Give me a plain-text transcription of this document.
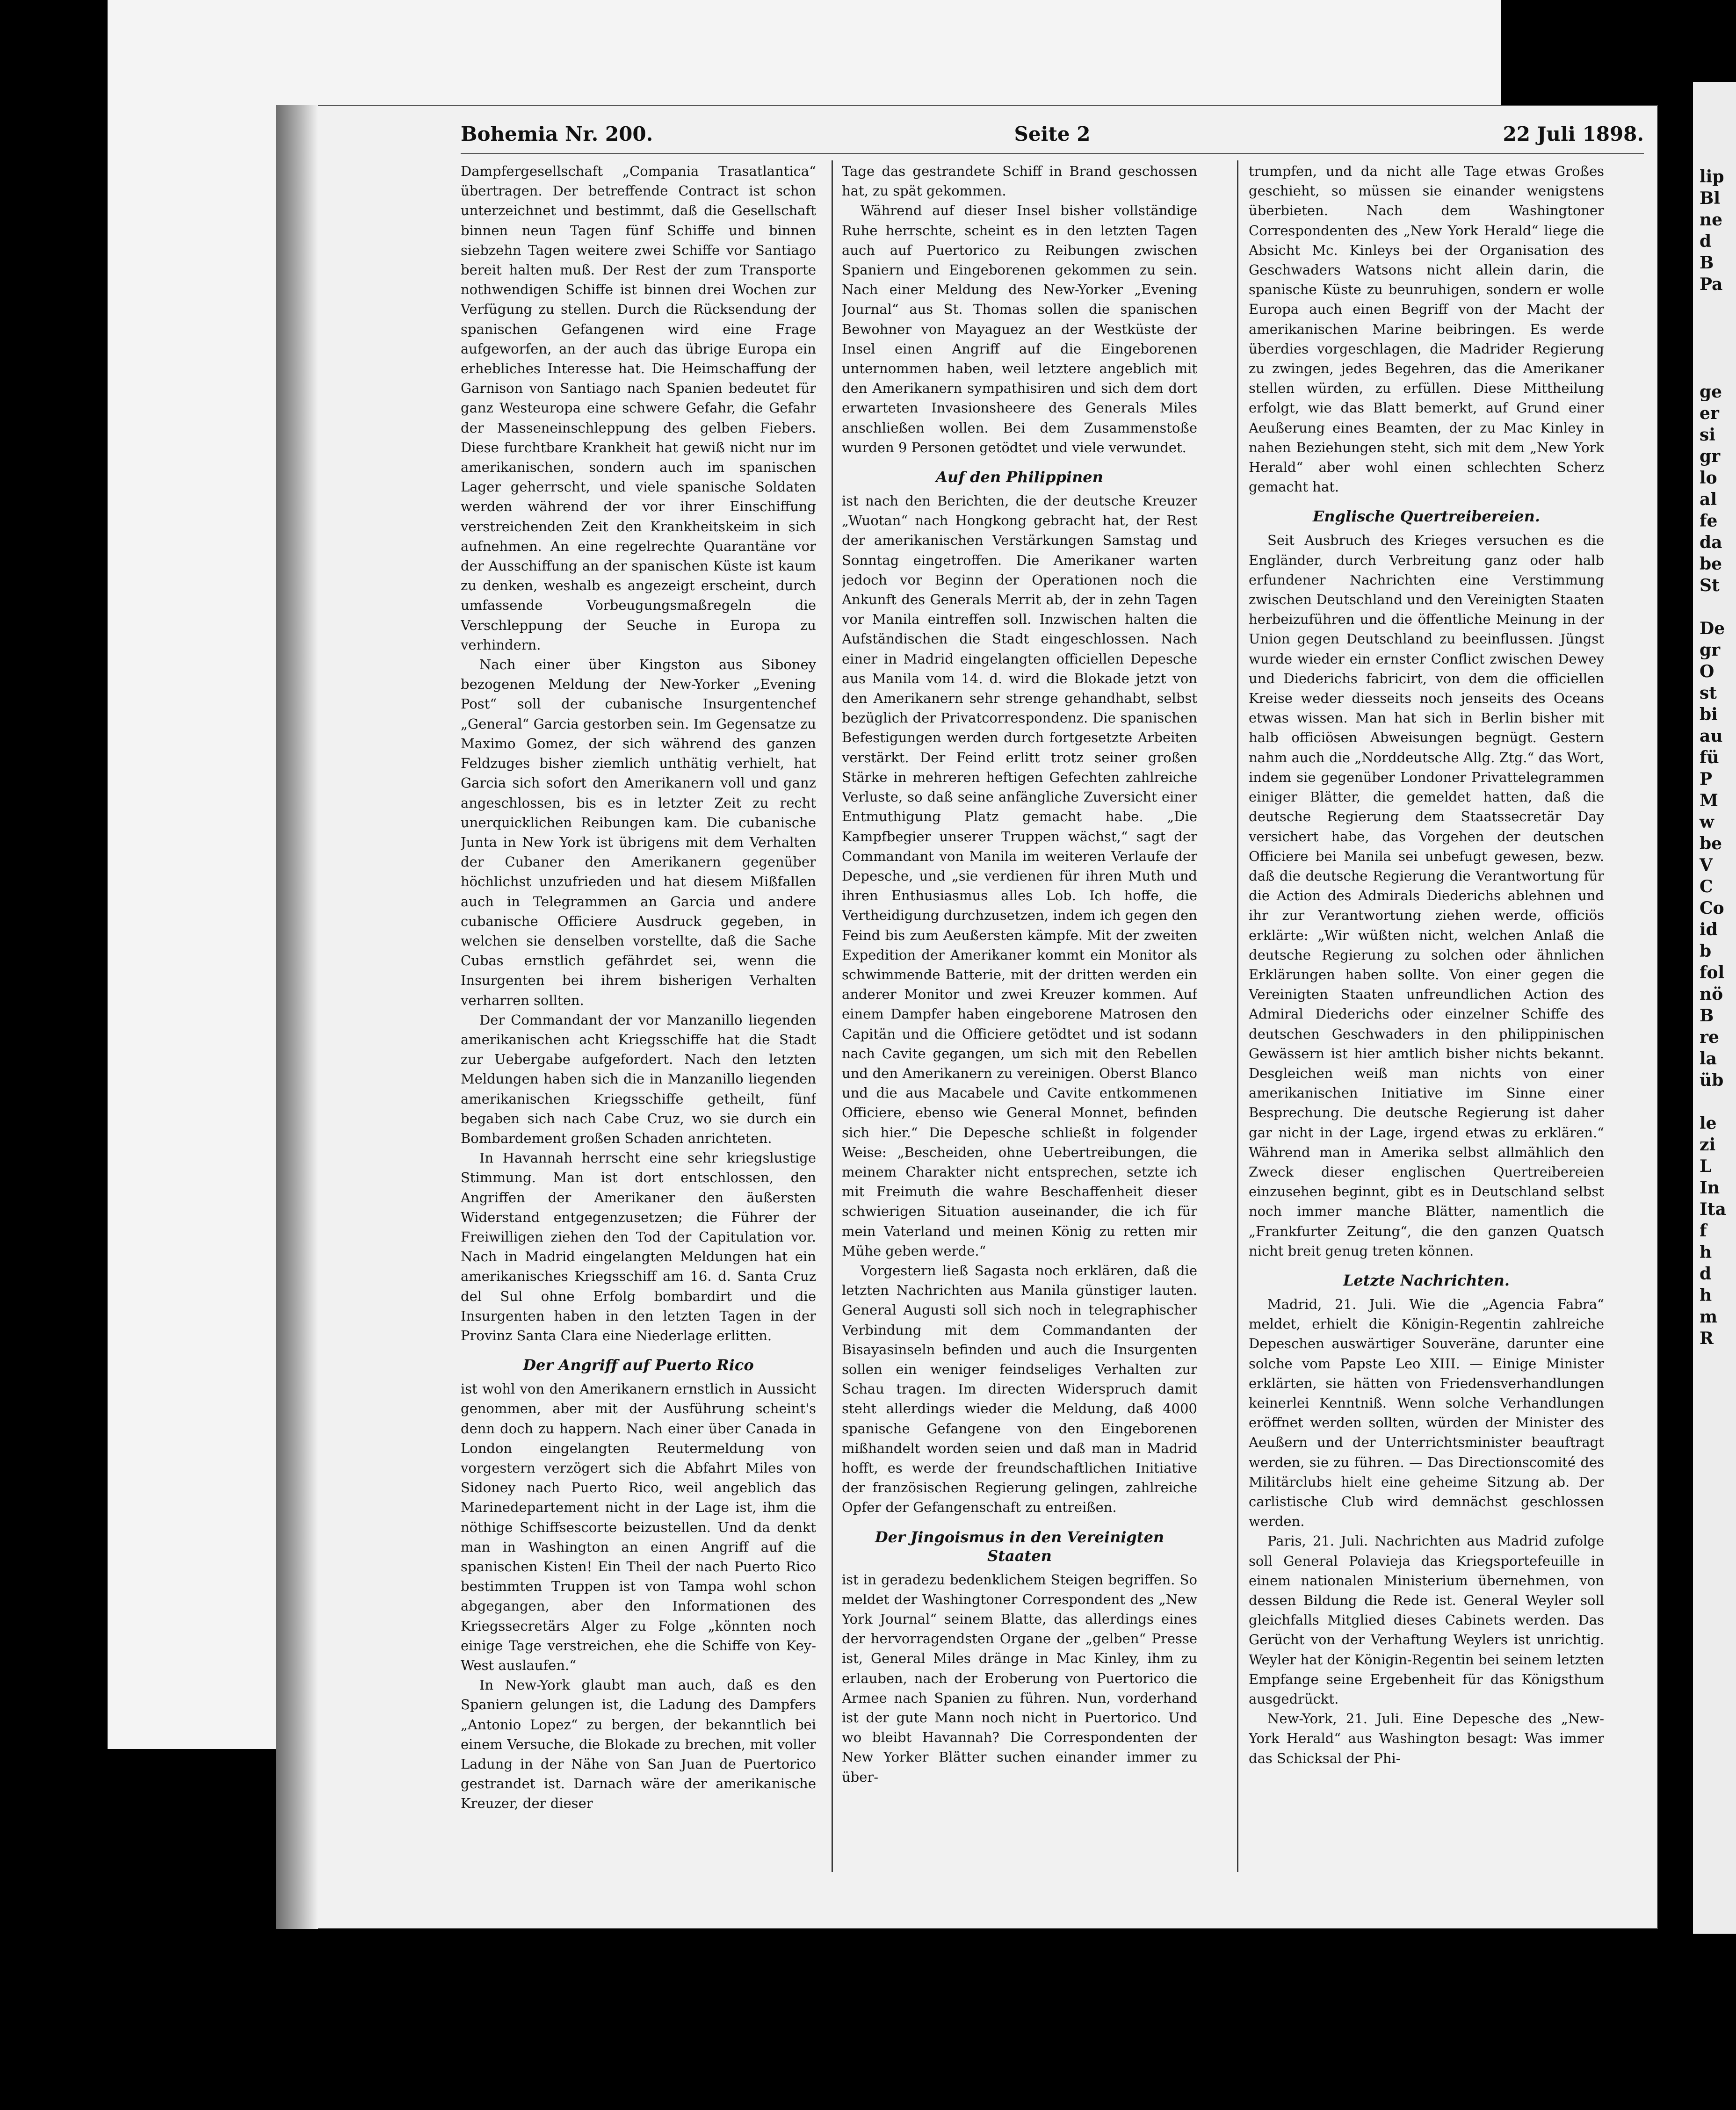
lip
Bl
ne
d
B
Pa

ge
er
si
gr
lo
al
fe
da
be
St

De
gr
O
st
bi
au
fü
P
M
w
be
V
C
Co
id
b
fol
nö
B
re
la
üb

le
zi
L
In
Ita
f
h
d
h
m
R
Bohemia Nr. 200.	Seite 2	22 Juli 1898.

Dampfergesellschaft „Compania Trasatlantica“ übertragen. Der betreffende Contract ist schon unterzeichnet und bestimmt, daß die Gesellschaft binnen neun Tagen fünf Schiffe und binnen siebzehn Tagen weitere zwei Schiffe vor Santiago bereit halten muß. Der Rest der zum Transporte nothwendigen Schiffe ist binnen drei Wochen zur Verfügung zu stellen. Durch die Rücksendung der spanischen Gefangenen wird eine Frage aufgeworfen, an der auch das übrige Europa ein erhebliches Interesse hat. Die Heimschaffung der Garnison von Santiago nach Spanien bedeutet für ganz Westeuropa eine schwere Gefahr, die Gefahr der Masseneinschleppung des gelben Fiebers. Diese furchtbare Krankheit hat gewiß nicht nur im amerikanischen, sondern auch im spanischen Lager geherrscht, und viele spanische Soldaten werden während der vor ihrer Einschiffung verstreichenden Zeit den Krankheitskeim in sich aufnehmen. An eine regelrechte Quarantäne vor der Ausschiffung an der spanischen Küste ist kaum zu denken, weshalb es angezeigt erscheint, durch umfassende Vorbeugungsmaßregeln die Verschleppung der Seuche in Europa zu verhindern.

Nach einer über Kingston aus Siboney bezogenen Meldung der New-Yorker „Evening Post“ soll der cubanische Insurgentenchef „General“ Garcia gestorben sein. Im Gegensatze zu Maximo Gomez, der sich während des ganzen Feldzuges bisher ziemlich unthätig verhielt, hat Garcia sich sofort den Amerikanern voll und ganz angeschlossen, bis es in letzter Zeit zu recht unerquicklichen Reibungen kam. Die cubanische Junta in New York ist übrigens mit dem Verhalten der Cubaner den Amerikanern gegenüber höchlichst unzufrieden und hat diesem Mißfallen auch in Telegrammen an Garcia und andere cubanische Officiere Ausdruck gegeben, in welchen sie denselben vorstellte, daß die Sache Cubas ernstlich gefährdet sei, wenn die Insurgenten bei ihrem bisherigen Verhalten verharren sollten.

Der Commandant der vor Manzanillo liegenden amerikanischen acht Kriegsschiffe hat die Stadt zur Uebergabe aufgefordert. Nach den letzten Meldungen haben sich die in Manzanillo liegenden amerikanischen Kriegsschiffe getheilt, fünf begaben sich nach Cabe Cruz, wo sie durch ein Bombardement großen Schaden anrichteten.

In Havannah herrscht eine sehr kriegslustige Stimmung. Man ist dort entschlossen, den Angriffen der Amerikaner den äußersten Widerstand entgegenzusetzen; die Führer der Freiwilligen ziehen den Tod der Capitulation vor. Nach in Madrid eingelangten Meldungen hat ein amerikanisches Kriegsschiff am 16. d. Santa Cruz del Sul ohne Erfolg bombardirt und die Insurgenten haben in den letzten Tagen in der Provinz Santa Clara eine Niederlage erlitten.

Der Angriff auf Puerto Rico

ist wohl von den Amerikanern ernstlich in Aussicht genommen, aber mit der Ausführung scheint's denn doch zu happern. Nach einer über Canada in London eingelangten Reutermeldung von vorgestern verzögert sich die Abfahrt Miles von Sidoney nach Puerto Rico, weil angeblich das Marinedepartement nicht in der Lage ist, ihm die nöthige Schiffsescorte beizustellen. Und da denkt man in Washington an einen Angriff auf die spanischen Kisten! Ein Theil der nach Puerto Rico bestimmten Truppen ist von Tampa wohl schon abgegangen, aber den Informationen des Kriegssecretärs Alger zu Folge „könnten noch einige Tage verstreichen, ehe die Schiffe von Key-West auslaufen.“

In New-York glaubt man auch, daß es den Spaniern gelungen ist, die Ladung des Dampfers „Antonio Lopez“ zu bergen, der bekanntlich bei einem Versuche, die Blokade zu brechen, mit voller Ladung in der Nähe von San Juan de Puertorico gestrandet ist. Darnach wäre der amerikanische Kreuzer, der dieser

Tage das gestrandete Schiff in Brand geschossen hat, zu spät gekommen.

Während auf dieser Insel bisher vollständige Ruhe herrschte, scheint es in den letzten Tagen auch auf Puertorico zu Reibungen zwischen Spaniern und Eingeborenen gekommen zu sein. Nach einer Meldung des New-Yorker „Evening Journal“ aus St. Thomas sollen die spanischen Bewohner von Mayaguez an der Westküste der Insel einen Angriff auf die Eingeborenen unternommen haben, weil letztere angeblich mit den Amerikanern sympathisiren und sich dem dort erwarteten Invasionsheere des Generals Miles anschließen wollen. Bei dem Zusammenstoße wurden 9 Personen getödtet und viele verwundet.

Auf den Philippinen

ist nach den Berichten, die der deutsche Kreuzer „Wuotan“ nach Hongkong gebracht hat, der Rest der amerikanischen Verstärkungen Samstag und Sonntag eingetroffen. Die Amerikaner warten jedoch vor Beginn der Operationen noch die Ankunft des Generals Merrit ab, der in zehn Tagen vor Manila eintreffen soll. Inzwischen halten die Aufständischen die Stadt eingeschlossen. Nach einer in Madrid eingelangten officiellen Depesche aus Manila vom 14. d. wird die Blokade jetzt von den Amerikanern sehr strenge gehandhabt, selbst bezüglich der Privatcorrespondenz. Die spanischen Befestigungen werden durch fortgesetzte Arbeiten verstärkt. Der Feind erlitt trotz seiner großen Stärke in mehreren heftigen Gefechten zahlreiche Verluste, so daß seine anfängliche Zuversicht einer Entmuthigung Platz gemacht habe. „Die Kampfbegier unserer Truppen wächst,“ sagt der Commandant von Manila im weiteren Verlaufe der Depesche, und „sie verdienen für ihren Muth und ihren Enthusiasmus alles Lob. Ich hoffe, die Vertheidigung durchzusetzen, indem ich gegen den Feind bis zum Aeußersten kämpfe. Mit der zweiten Expedition der Amerikaner kommt ein Monitor als schwimmende Batterie, mit der dritten werden ein anderer Monitor und zwei Kreuzer kommen. Auf einem Dampfer haben eingeborene Matrosen den Capitän und die Officiere getödtet und ist sodann nach Cavite gegangen, um sich mit den Rebellen und den Amerikanern zu vereinigen. Oberst Blanco und die aus Macabele und Cavite entkommenen Officiere, ebenso wie General Monnet, befinden sich hier.“ Die Depesche schließt in folgender Weise: „Bescheiden, ohne Uebertreibungen, die meinem Charakter nicht entsprechen, setzte ich mit Freimuth die wahre Beschaffenheit dieser schwierigen Situation auseinander, die ich für mein Vaterland und meinen König zu retten mir Mühe geben werde.“

Vorgestern ließ Sagasta noch erklären, daß die letzten Nachrichten aus Manila günstiger lauten. General Augusti soll sich noch in telegraphischer Verbindung mit dem Commandanten der Bisayasinseln befinden und auch die Insurgenten sollen ein weniger feindseliges Verhalten zur Schau tragen. Im directen Widerspruch damit steht allerdings wieder die Meldung, daß 4000 spanische Gefangene von den Eingeborenen mißhandelt worden seien und daß man in Madrid hofft, es werde der freundschaftlichen Initiative der französischen Regierung gelingen, zahlreiche Opfer der Gefangenschaft zu entreißen.

Der Jingoismus in den Vereinigten Staaten

ist in geradezu bedenklichem Steigen begriffen. So meldet der Washingtoner Correspondent des „New York Journal“ seinem Blatte, das allerdings eines der hervorragendsten Organe der „gelben“ Presse ist, General Miles dränge in Mac Kinley, ihm zu erlauben, nach der Eroberung von Puertorico die Armee nach Spanien zu führen. Nun, vorderhand ist der gute Mann noch nicht in Puertorico. Und wo bleibt Havannah? Die Correspondenten der New Yorker Blätter suchen einander immer zu über-

trumpfen, und da nicht alle Tage etwas Großes geschieht, so müssen sie einander wenigstens überbieten. Nach dem Washingtoner Correspondenten des „New York Herald“ liege die Absicht Mc. Kinleys bei der Organisation des Geschwaders Watsons nicht allein darin, die spanische Küste zu beunruhigen, sondern er wolle Europa auch einen Begriff von der Macht der amerikanischen Marine beibringen. Es werde überdies vorgeschlagen, die Madrider Regierung zu zwingen, jedes Begehren, das die Amerikaner stellen würden, zu erfüllen. Diese Mittheilung erfolgt, wie das Blatt bemerkt, auf Grund einer Aeußerung eines Beamten, der zu Mac Kinley in nahen Beziehungen steht, sich mit dem „New York Herald“ aber wohl einen schlechten Scherz gemacht hat.

Englische Quertreibereien.

Seit Ausbruch des Krieges versuchen es die Engländer, durch Verbreitung ganz oder halb erfundener Nachrichten eine Verstimmung zwischen Deutschland und den Vereinigten Staaten herbeizuführen und die öffentliche Meinung in der Union gegen Deutschland zu beeinflussen. Jüngst wurde wieder ein ernster Conflict zwischen Dewey und Diederichs fabricirt, von dem die officiellen Kreise weder diesseits noch jenseits des Oceans etwas wissen. Man hat sich in Berlin bisher mit halb officiösen Abweisungen begnügt. Gestern nahm auch die „Norddeutsche Allg. Ztg.“ das Wort, indem sie gegenüber Londoner Privattelegrammen einiger Blätter, die gemeldet hatten, daß die deutsche Regierung dem Staatssecretär Day versichert habe, das Vorgehen der deutschen Officiere bei Manila sei unbefugt gewesen, bezw. daß die deutsche Regierung die Verantwortung für die Action des Admirals Diederichs ablehnen und ihr zur Verantwortung ziehen werde, officiös erklärte: „Wir wüßten nicht, welchen Anlaß die deutsche Regierung zu solchen oder ähnlichen Erklärungen haben sollte. Von einer gegen die Vereinigten Staaten unfreundlichen Action des Admiral Diederichs oder einzelner Schiffe des deutschen Geschwaders in den philippinischen Gewässern ist hier amtlich bisher nichts bekannt. Desgleichen weiß man nichts von einer amerikanischen Initiative im Sinne einer Besprechung. Die deutsche Regierung ist daher gar nicht in der Lage, irgend etwas zu erklären.“ Während man in Amerika selbst allmählich den Zweck dieser englischen Quertreibereien einzusehen beginnt, gibt es in Deutschland selbst noch immer manche Blätter, namentlich die „Frankfurter Zeitung“, die den ganzen Quatsch nicht breit genug treten können.

Letzte Nachrichten.

Madrid, 21. Juli. Wie die „Agencia Fabra“ meldet, erhielt die Königin-Regentin zahlreiche Depeschen auswärtiger Souveräne, darunter eine solche vom Papste Leo XIII. — Einige Minister erklärten, sie hätten von Friedensverhandlungen keinerlei Kenntniß. Wenn solche Verhandlungen eröffnet werden sollten, würden der Minister des Aeußern und der Unterrichtsminister beauftragt werden, sie zu führen. — Das Directionscomité des Militärclubs hielt eine geheime Sitzung ab. Der carlistische Club wird demnächst geschlossen werden.

Paris, 21. Juli. Nachrichten aus Madrid zufolge soll General Polavieja das Kriegsportefeuille in einem nationalen Ministerium übernehmen, von dessen Bildung die Rede ist. General Weyler soll gleichfalls Mitglied dieses Cabinets werden. Das Gerücht von der Verhaftung Weylers ist unrichtig. Weyler hat der Königin-Regentin bei seinem letzten Empfange seine Ergebenheit für das Königsthum ausgedrückt.

New-York, 21. Juli. Eine Depesche des „New-York Herald“ aus Washington besagt: Was immer das Schicksal der Phi-
